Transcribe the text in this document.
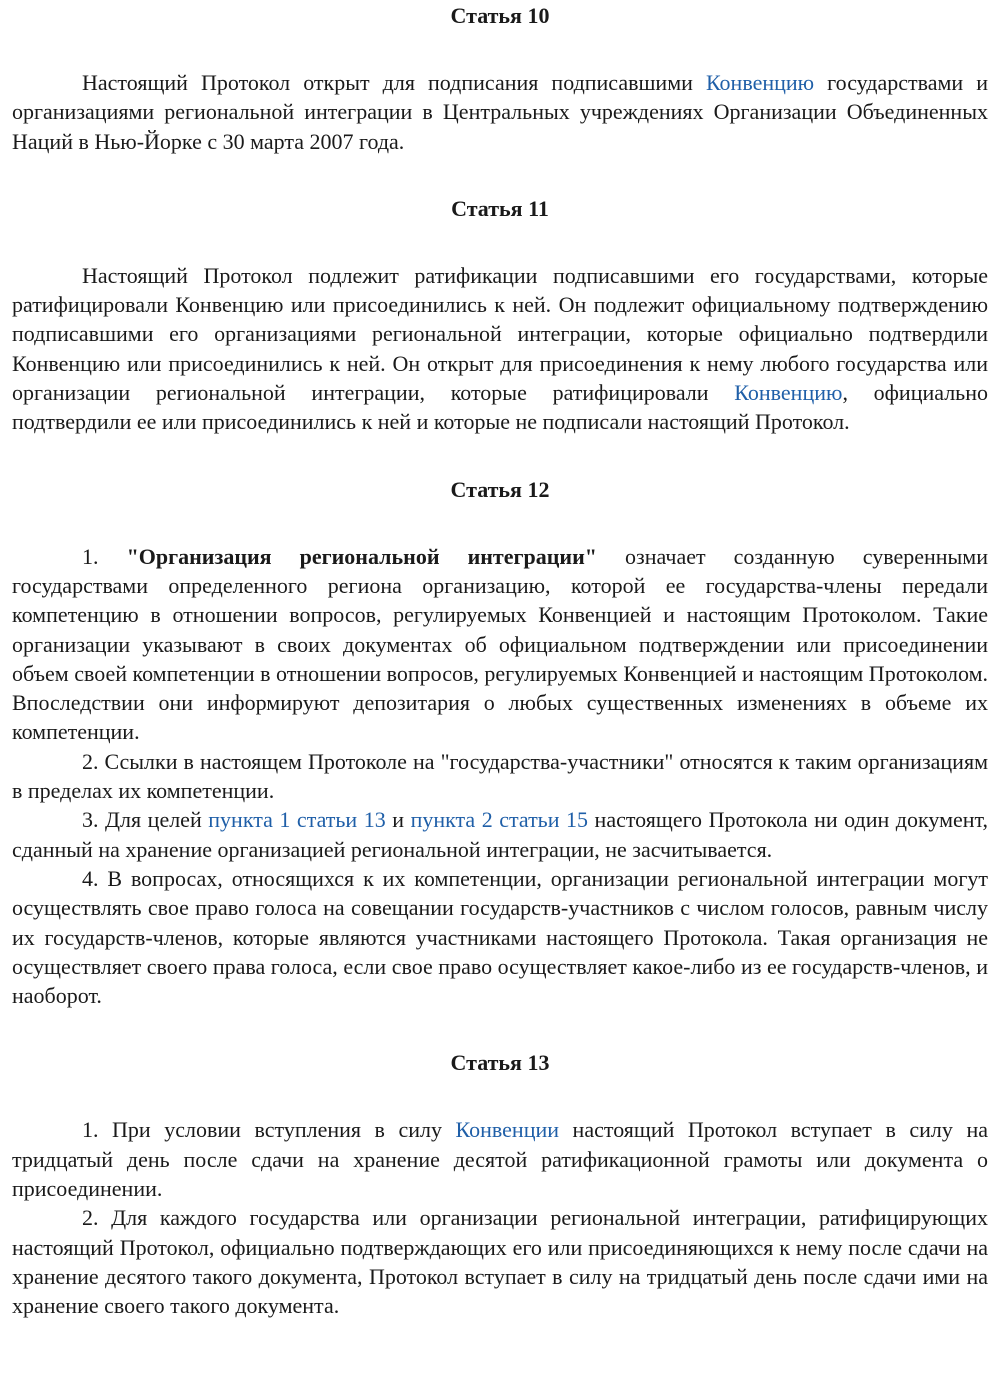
Статья 10

Настоящий Протокол открыт для подписания подписавшими Конвенцию государствами и организациями региональной интеграции в Центральных учреждениях Организации Объединенных Наций в Нью-Йорке с 30 марта 2007 года.

Статья 11

Настоящий Протокол подлежит ратификации подписавшими его государствами, которые ратифицировали Конвенцию или присоединились к ней. Он подлежит официальному подтверждению подписавшими его организациями региональной интеграции, которые официально подтвердили Конвенцию или присоединились к ней. Он открыт для присоединения к нему любого государства или организации региональной интеграции, которые ратифицировали Конвенцию, официально подтвердили ее или присоединились к ней и которые не подписали настоящий Протокол.

Статья 12

1. "Организация региональной интеграции" означает созданную суверенными государствами определенного региона организацию, которой ее государства-члены передали компетенцию в отношении вопросов, регулируемых Конвенцией и настоящим Протоколом. Такие организации указывают в своих документах об официальном подтверждении или присоединении объем своей компетенции в отношении вопросов, регулируемых Конвенцией и настоящим Протоколом. Впоследствии они информируют депозитария о любых существенных изменениях в объеме их компетенции.

2. Ссылки в настоящем Протоколе на "государства-участники" относятся к таким организациям в пределах их компетенции.

3. Для целей пункта 1 статьи 13 и пункта 2 статьи 15 настоящего Протокола ни один документ, сданный на хранение организацией региональной интеграции, не засчитывается.

4. В вопросах, относящихся к их компетенции, организации региональной интеграции могут осуществлять свое право голоса на совещании государств-участников с числом голосов, равным числу их государств-членов, которые являются участниками настоящего Протокола. Такая организация не осуществляет своего права голоса, если свое право осуществляет какое-либо из ее государств-членов, и наоборот.

Статья 13

1. При условии вступления в силу Конвенции настоящий Протокол вступает в силу на тридцатый день после сдачи на хранение десятой ратификационной грамоты или документа о присоединении.

2. Для каждого государства или организации региональной интеграции, ратифицирующих настоящий Протокол, официально подтверждающих его или присоединяющихся к нему после сдачи на хранение десятого такого документа, Протокол вступает в силу на тридцатый день после сдачи ими на хранение своего такого документа.
